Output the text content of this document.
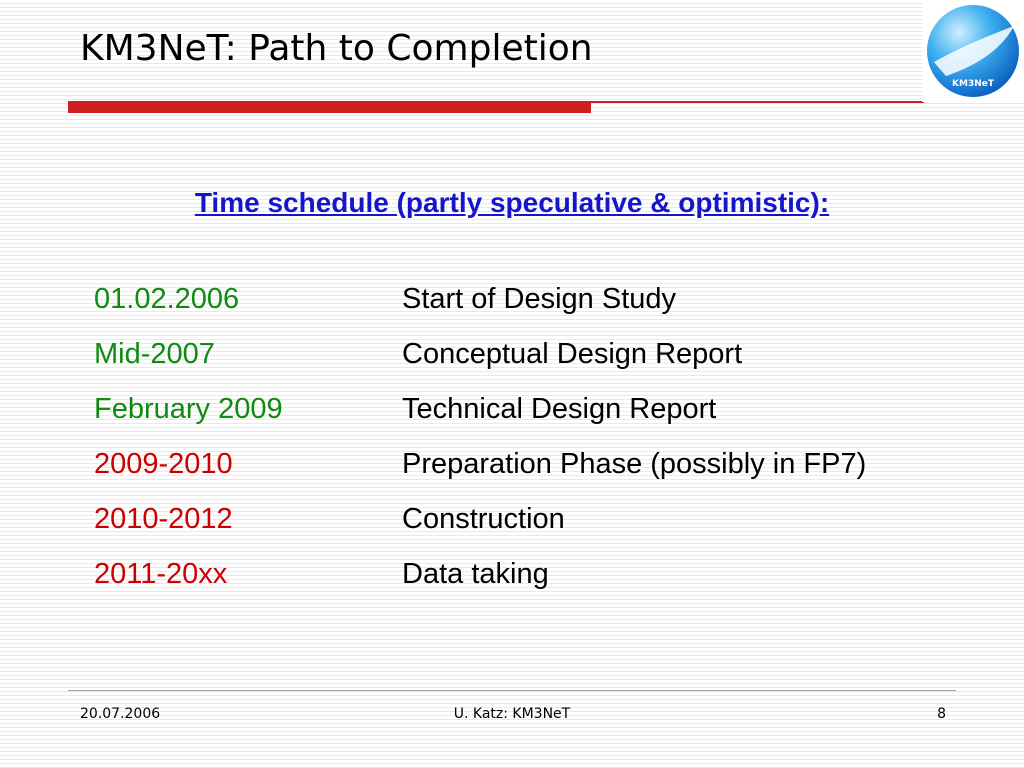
KM3NeT: Path to Completion
KM3NeT
Time schedule (partly speculative & optimistic):
01.02.2006	Start of Design Study
Mid-2007	Conceptual Design Report
February 2009	Technical Design Report
2009-2010	Preparation Phase (possibly in FP7)
2010-2012	Construction
2011-20xx	Data taking
20.07.2006	U. Katz: KM3NeT	8
